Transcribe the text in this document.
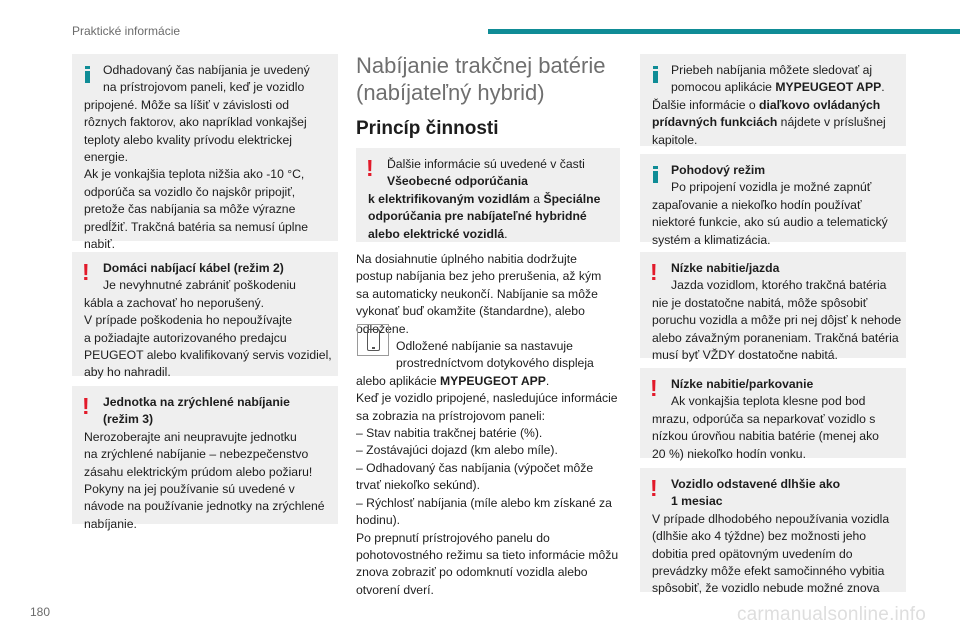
Praktické informácie
180	carmanualsonline.info
Odhadovaný čas nabíjania je uvedený
na prístrojovom paneli, keď je vozidlo
pripojené. Môže sa líšiť v závislosti od
rôznych faktorov, ako napríklad vonkajšej
teploty alebo kvality prívodu elektrickej
energie.
Ak je vonkajšia teplota nižšia ako -10 °C,
odporúča sa vozidlo čo najskôr pripojiť,
pretože čas nabíjania sa môže výrazne
predĺžiť. Trakčná batéria sa nemusí úplne
nabiť.
!	Domáci nabíjací kábel (režim 2)
Je nevyhnutné zabrániť poškodeniu
kábla a zachovať ho neporušený.
V prípade poškodenia ho nepoužívajte
a požiadajte autorizovaného predajcu
PEUGEOT alebo kvalifikovaný servis vozidiel,
aby ho nahradil.
!	Jednotka na zrýchlené nabíjanie
(režim 3)
Nerozoberajte ani neupravujte jednotku
na zrýchlené nabíjanie – nebezpečenstvo
zásahu elektrickým prúdom alebo požiaru!
Pokyny na jej používanie sú uvedené v
návode na používanie jednotky na zrýchlené
nabíjanie.
Nabíjanie trakčnej batérie
(nabíjateľný hybrid)
Princíp činnosti
!	Ďalšie informácie sú uvedené v časti
Všeobecné odporúčania
k elektrifikovaným vozidlám a Špeciálne
odporúčania pre nabíjateľné hybridné
alebo elektrické vozidlá.
Na dosiahnutie úplného nabitia dodržujte
postup nabíjania bez jeho prerušenia, až kým
sa automaticky neukončí. Nabíjanie sa môže
vykonať buď okamžite (štandardne), alebo
odložene.
Odložené nabíjanie sa nastavuje
prostredníctvom dotykového displeja
alebo aplikácie MYPEUGEOT APP.
Keď je vozidlo pripojené, nasledujúce informácie
sa zobrazia na prístrojovom paneli:
– Stav nabitia trakčnej batérie (%).
– Zostávajúci dojazd (km alebo míle).
– Odhadovaný čas nabíjania (výpočet môže
trvať niekoľko sekúnd).
– Rýchlosť nabíjania (míle alebo km získané za
hodinu).
Po prepnutí prístrojového panelu do
pohotovostného režimu sa tieto informácie môžu
znova zobraziť po odomknutí vozidla alebo
otvorení dverí.
Priebeh nabíjania môžete sledovať aj
pomocou aplikácie MYPEUGEOT APP.
Ďalšie informácie o diaľkovo ovládaných
prídavných funkciách nájdete v príslušnej
kapitole.
Pohodový režim
Po pripojení vozidla je možné zapnúť
zapaľovanie a niekoľko hodín používať
niektoré funkcie, ako sú audio a telematický
systém a klimatizácia.
!	Nízke nabitie/jazda
Jazda vozidlom, ktorého trakčná batéria
nie je dostatočne nabitá, môže spôsobiť
poruchu vozidla a môže pri nej dôjsť k nehode
alebo závažným poraneniam. Trakčná batéria
musí byť VŽDY dostatočne nabitá.
!	Nízke nabitie/parkovanie
Ak vonkajšia teplota klesne pod bod
mrazu, odporúča sa neparkovať vozidlo s
nízkou úrovňou nabitia batérie (menej ako
20 %) niekoľko hodín vonku.
!	Vozidlo odstavené dlhšie ako
1 mesiac
V prípade dlhodobého nepoužívania vozidla
(dlhšie ako 4 týždne) bez možnosti jeho
dobitia pred opätovným uvedením do
prevádzky môže efekt samočinného vybitia
spôsobiť, že vozidlo nebude možné znova
